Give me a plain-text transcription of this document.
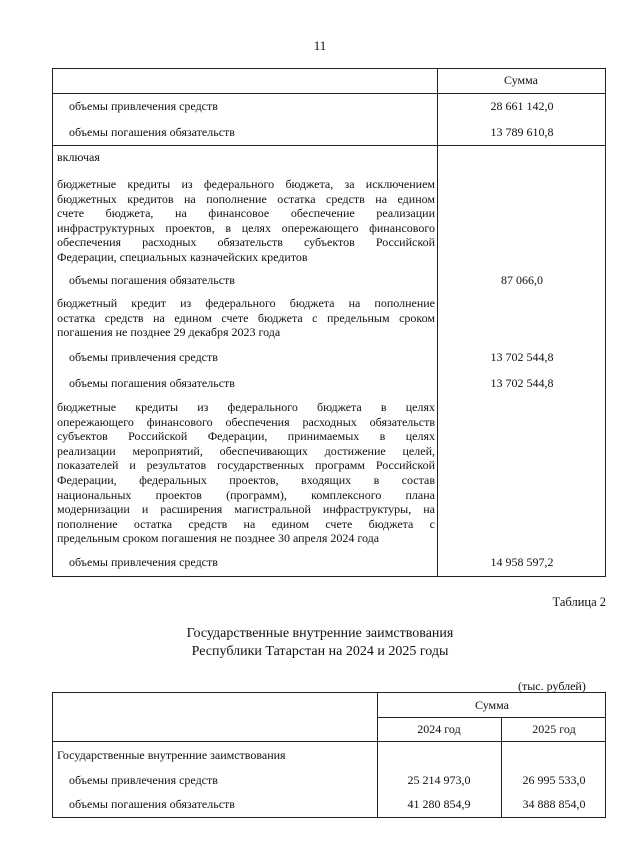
11
Сумма
объемы привлечения средств	28 661 142,0
объемы погашения обязательств	13 789 610,8
включая
бюджетные кредиты из федерального бюджета, за исключением
бюджетных кредитов на пополнение остатка средств на едином
счете бюджета, на финансовое обеспечение реализации
инфраструктурных проектов, в целях опережающего финансового
обеспечения расходных обязательств субъектов Российской
Федерации, специальных казначейских кредитов
объемы погашения обязательств	87 066,0
бюджетный кредит из федерального бюджета на пополнение
остатка средств на едином счете бюджета с предельным сроком
погашения не позднее 29 декабря 2023 года
объемы привлечения средств	13 702 544,8
объемы погашения обязательств	13 702 544,8
бюджетные кредиты из федерального бюджета в целях
опережающего финансового обеспечения расходных обязательств
субъектов Российской Федерации, принимаемых в целях
реализации мероприятий, обеспечивающих достижение целей,
показателей и результатов государственных программ Российской
Федерации, федеральных проектов, входящих в состав
национальных проектов (программ), комплексного плана
модернизации и расширения магистральной инфраструктуры, на
пополнение остатка средств на едином счете бюджета с
предельным сроком погашения не позднее 30 апреля 2024 года
объемы привлечения средств	14 958 597,2
Таблица 2
Государственные внутренние заимствования
Республики Татарстан на 2024 и 2025 годы
(тыс. рублей)
Сумма
2024 год	2025 год
Государственные внутренние заимствования
объемы привлечения средств	25 214 973,0	26 995 533,0
объемы погашения обязательств	41 280 854,9	34 888 854,0
